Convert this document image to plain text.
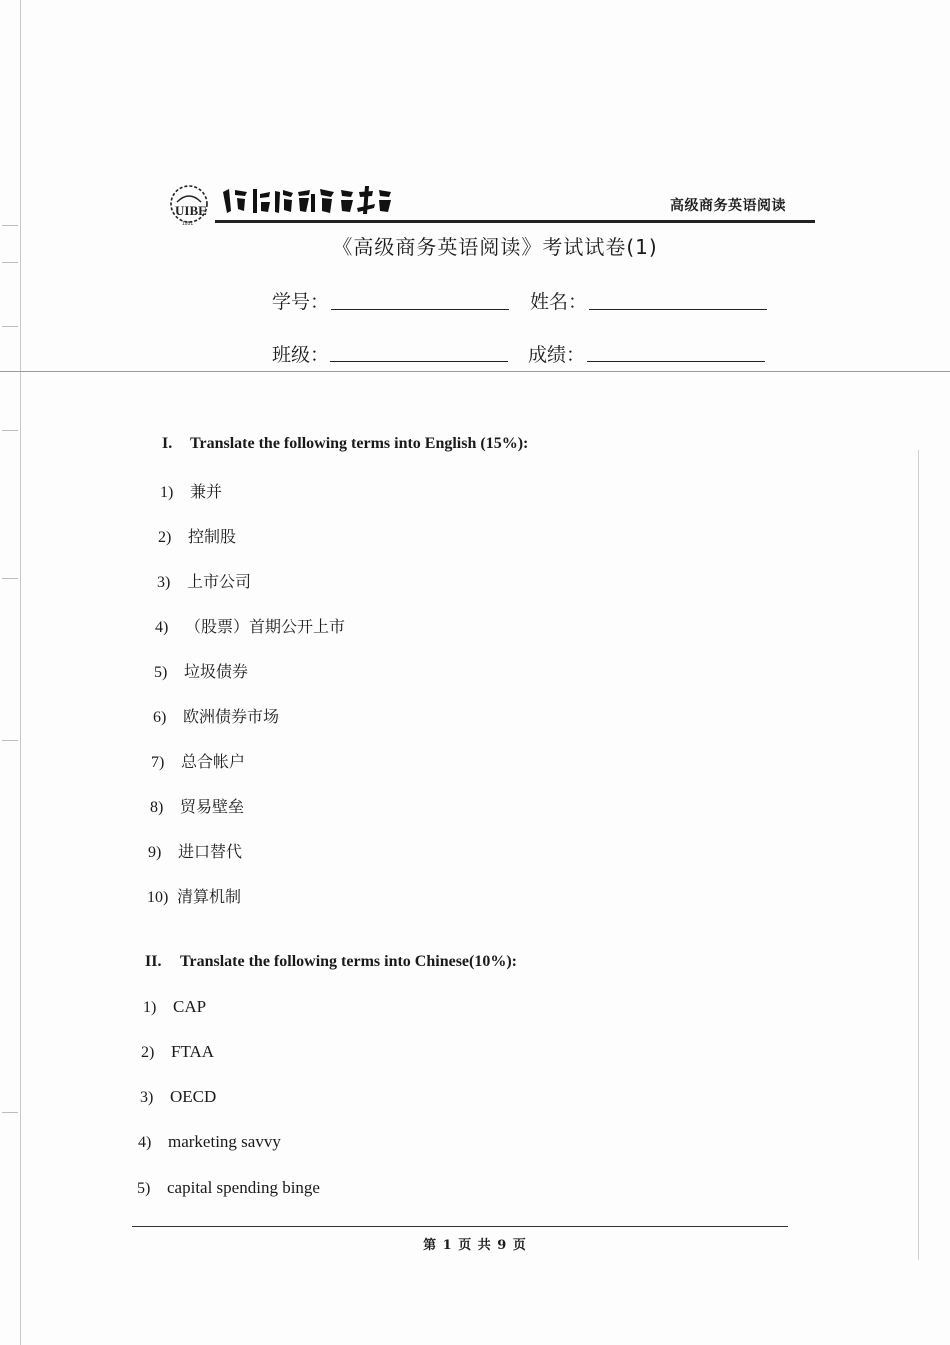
UIBE
1951
高级商务英语阅读
《高级商务英语阅读》考试试卷(1)
学号：	姓名：
班级：	成绩：
I. Translate the following terms into English (15%):
1) 兼并
2) 控制股
3) 上市公司
4) （股票）首期公开上市
5) 垃圾债券
6) 欧洲债券市场
7) 总合帐户
8) 贸易壁垒
9) 进口替代
10) 清算机制
II. Translate the following terms into Chinese(10%):
1) CAP
2) FTAA
3) OECD
4) marketing savvy
5) capital spending binge
第 1 页 共 9 页
